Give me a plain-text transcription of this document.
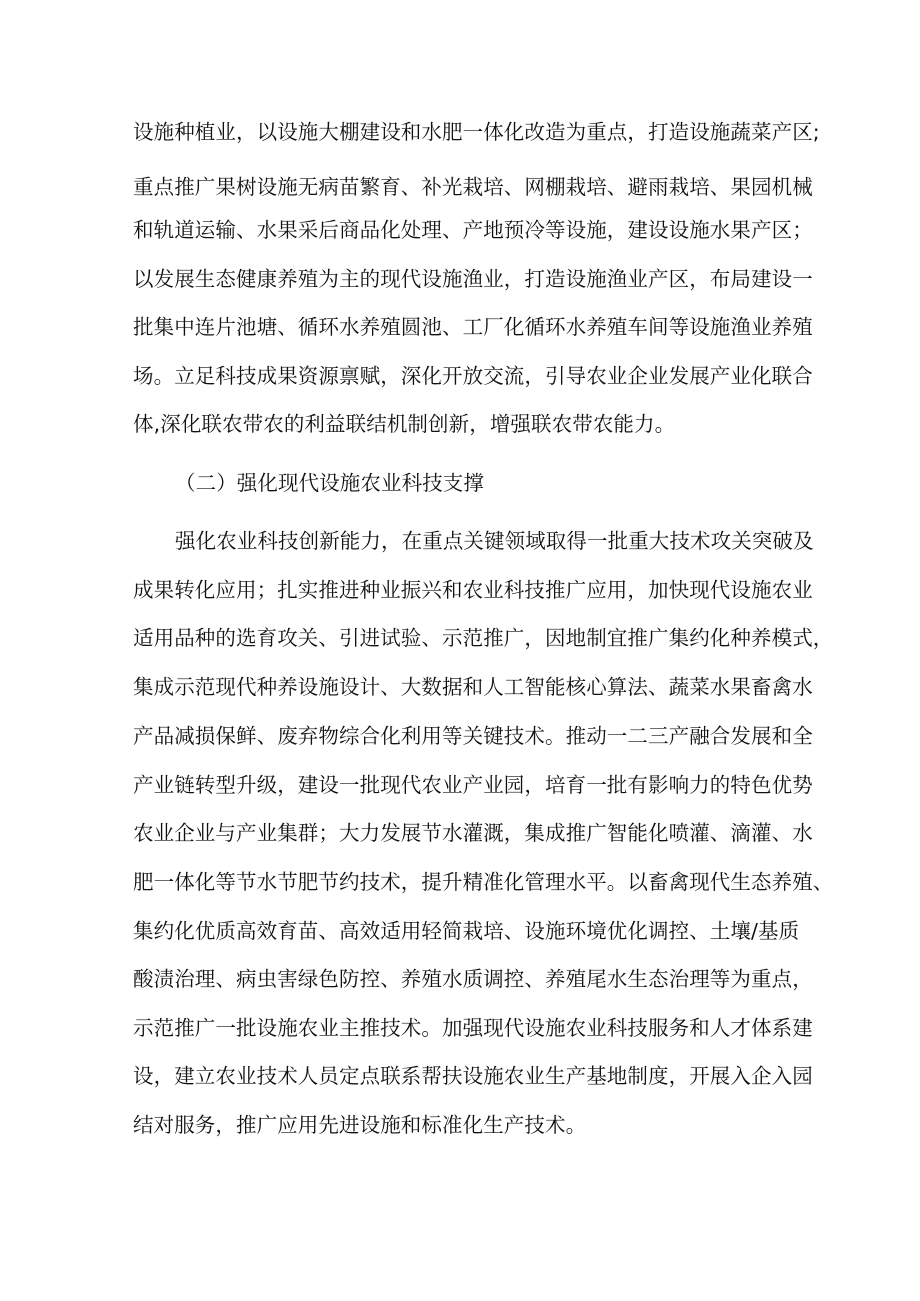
设施种植业，以设施大棚建设和水肥一体化改造为重点，打造设施蔬菜产区;
重点推广果树设施无病苗繁育、补光栽培、网棚栽培、避雨栽培、果园机械
和轨道运输、水果采后商品化处理、产地预冷等设施，建设设施水果产区；
以发展生态健康养殖为主的现代设施渔业，打造设施渔业产区，布局建设一
批集中连片池塘、循环水养殖圆池、工厂化循环水养殖车间等设施渔业养殖
场。立足科技成果资源禀赋，深化开放交流，引导农业企业发展产业化联合
体,深化联农带农的利益联结机制创新，增强联农带农能力。
（二）强化现代设施农业科技支撑
强化农业科技创新能力，在重点关键领域取得一批重大技术攻关突破及
成果转化应用；扎实推进种业振兴和农业科技推广应用，加快现代设施农业
适用品种的选育攻关、引进试验、示范推广，因地制宜推广集约化种养模式，
集成示范现代种养设施设计、大数据和人工智能核心算法、蔬菜水果畜禽水
产品减损保鲜、废弃物综合化利用等关键技术。推动一二三产融合发展和全
产业链转型升级，建设一批现代农业产业园，培育一批有影响力的特色优势
农业企业与产业集群；大力发展节水灌溉，集成推广智能化喷灌、滴灌、水
肥一体化等节水节肥节约技术，提升精准化管理水平。以畜禽现代生态养殖、
集约化优质高效育苗、高效适用轻简栽培、设施环境优化调控、土壤/基质
酸渍治理、病虫害绿色防控、养殖水质调控、养殖尾水生态治理等为重点，
示范推广一批设施农业主推技术。加强现代设施农业科技服务和人才体系建
设，建立农业技术人员定点联系帮扶设施农业生产基地制度，开展入企入园
结对服务，推广应用先进设施和标准化生产技术。
